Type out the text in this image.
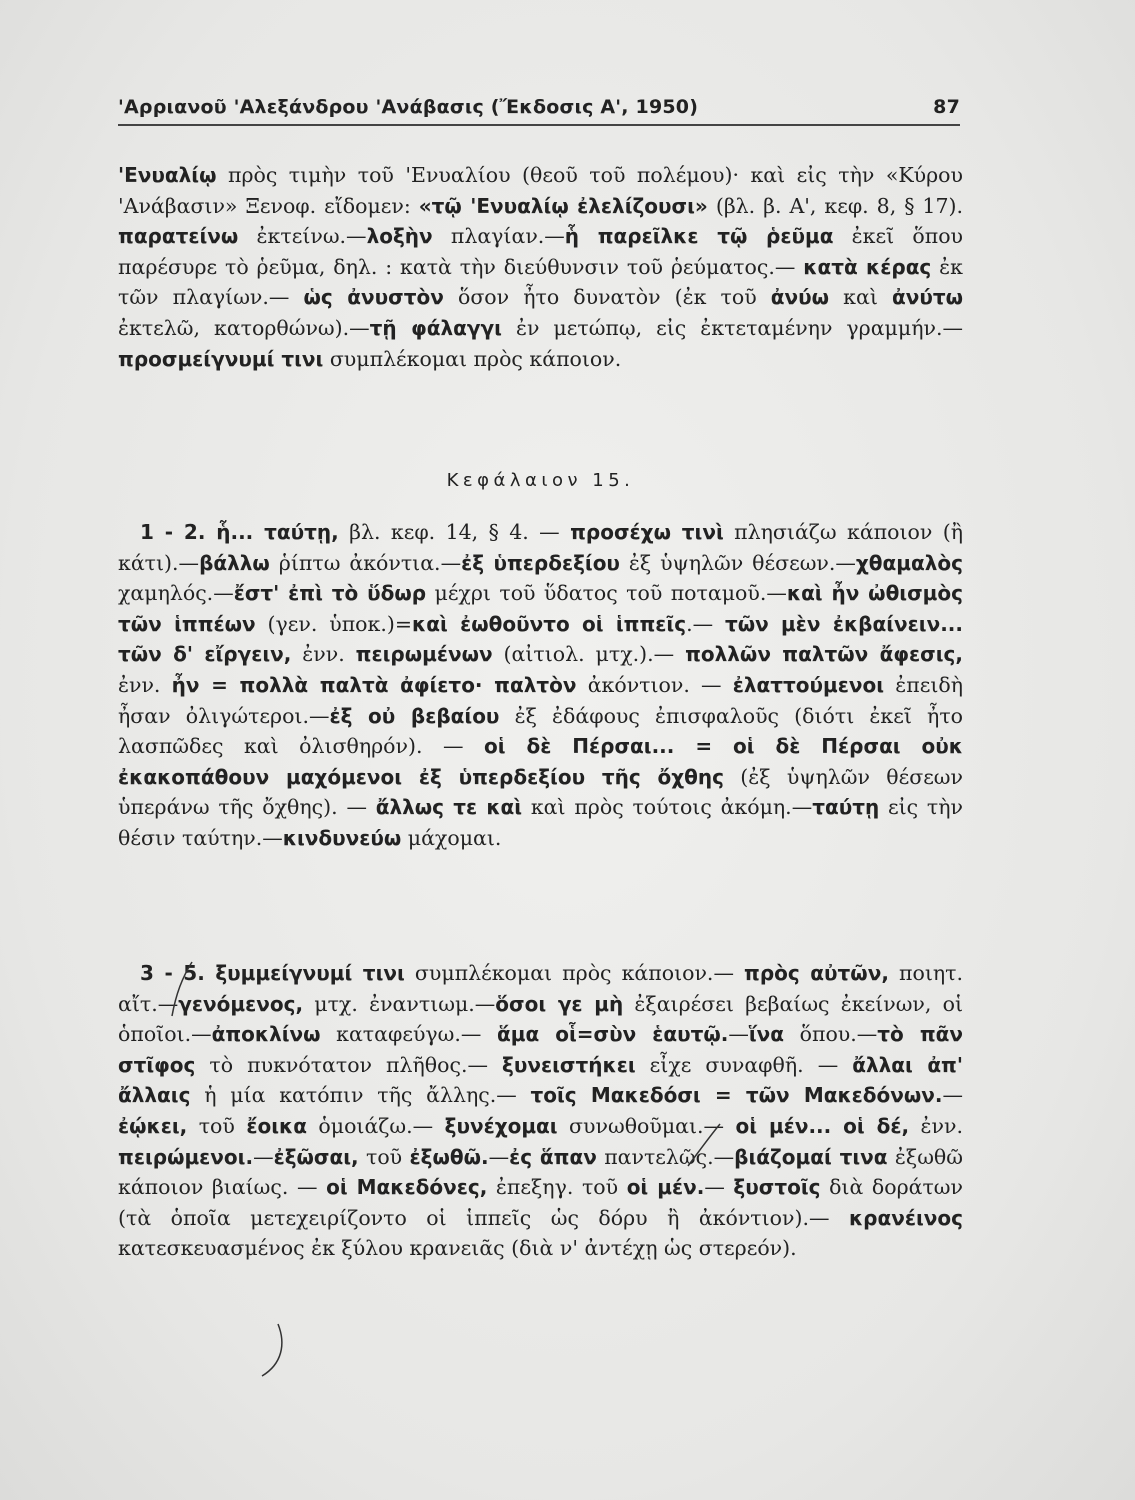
'Αρριανοῦ 'Αλεξάνδρου 'Ανάβασις (Ἔκδοσις Α', 1950)	87

'Ενυαλίῳ πρὸς τιμὴν τοῦ 'Ενυαλίου (θεοῦ τοῦ πολέμου)· καὶ εἰς τὴν «Κύρου 'Ανάβασιν» Ξενοφ. εἴδομεν: «τῷ 'Ενυαλίῳ ἐλελίζουσι» (βλ. β. Α', κεφ. 8, § 17). παρατείνω ἐκτείνω.—λοξὴν πλαγίαν.—ἧ παρεῖλκε τῷ ῥεῦμα ἐκεῖ ὅπου παρέσυρε τὸ ῥεῦμα, δηλ. : κατὰ τὴν διεύθυνσιν τοῦ ῥεύματος.— κατὰ κέρας ἐκ τῶν πλαγίων.— ὡς ἀνυστὸν ὅσον ἦτο δυνατὸν (ἐκ τοῦ ἀνύω καὶ ἀνύτω ἐκτελῶ, κατορθώνω).—τῇ φάλαγγι ἐν μετώπῳ, εἰς ἐκτεταμένην γραμμήν.— προσμείγνυμί τινι συμπλέκομαι πρὸς κάποιον.

Κεφάλαιον 15.

1 - 2. ἧ... ταύτῃ, βλ. κεφ. 14, § 4. — προσέχω τινὶ πλησιάζω κάποιον (ἢ κάτι).—βάλλω ῥίπτω ἀκόντια.—ἐξ ὑπερδεξίου ἐξ ὑψηλῶν θέσεων.—χθαμαλὸς χαμηλός.—ἔστ' ἐπὶ τὸ ὕδωρ μέχρι τοῦ ὕδατος τοῦ ποταμοῦ.—καὶ ἦν ὠθισμὸς τῶν ἱππέων (γεν. ὑποκ.)=καὶ ἐωθοῦντο οἱ ἱππεῖς.— τῶν μὲν ἐκβαίνειν... τῶν δ' εἴργειν, ἐνν. πειρωμένων (αἰτιολ. μτχ.).— πολλῶν παλτῶν ἄφεσις, ἐνν. ἦν = πολλὰ παλτὰ ἀφίετο· παλτὸν ἀκόντιον. — ἐλαττούμενοι ἐπειδὴ ἦσαν ὀλιγώτεροι.—ἐξ οὐ βεβαίου ἐξ ἐδάφους ἐπισφαλοῦς (διότι ἐκεῖ ἦτο λασπῶδες καὶ ὀλισθηρόν). — οἱ δὲ Πέρσαι... = οἱ δὲ Πέρσαι οὐκ ἐκακοπάθουν μαχόμενοι ἐξ ὑπερδεξίου τῆς ὄχθης (ἐξ ὑψηλῶν θέσεων ὑπεράνω τῆς ὄχθης). — ἄλλως τε καὶ καὶ πρὸς τούτοις ἀκόμη.—ταύτῃ εἰς τὴν θέσιν ταύτην.—κινδυνεύω μάχομαι.

3 - 5. ξυμμείγνυμί τινι συμπλέκομαι πρὸς κάποιον.— πρὸς αὐτῶν, ποιητ. αἴτ.—γενόμενος, μτχ. ἐναντιωμ.—ὅσοι γε μὴ ἐξαιρέσει βεβαίως ἐκείνων, οἱ ὁποῖοι.—ἀποκλίνω καταφεύγω.— ἅμα οἷ=σὺν ἑαυτῷ.—ἵνα ὅπου.—τὸ πᾶν στῖφος τὸ πυκνότατον πλῆθος.— ξυνειστήκει εἶχε συναφθῆ. — ἄλλαι ἀπ' ἄλλαις ἡ μία κατόπιν τῆς ἄλλης.— τοῖς Μακεδόσι = τῶν Μακεδόνων.— ἐῴκει, τοῦ ἔοικα ὁμοιάζω.— ξυνέχομαι συνωθοῦμαι.— οἱ μέν... οἱ δέ, ἐνν. πειρώμενοι.—ἐξῶσαι, τοῦ ἐξωθῶ.—ἐς ἅπαν παντελῶς.—βιάζομαί τινα ἐξωθῶ κάποιον βιαίως. — οἱ Μακεδόνες, ἐπεξηγ. τοῦ οἱ μέν.— ξυστοῖς διὰ δοράτων (τὰ ὁποῖα μετεχειρίζοντο οἱ ἱππεῖς ὡς δόρυ ἢ ἀκόντιον).— κρανέινος κατεσκευασμένος ἐκ ξύλου κρανειᾶς (διὰ ν' ἀντέχῃ ὡς στερεόν).
